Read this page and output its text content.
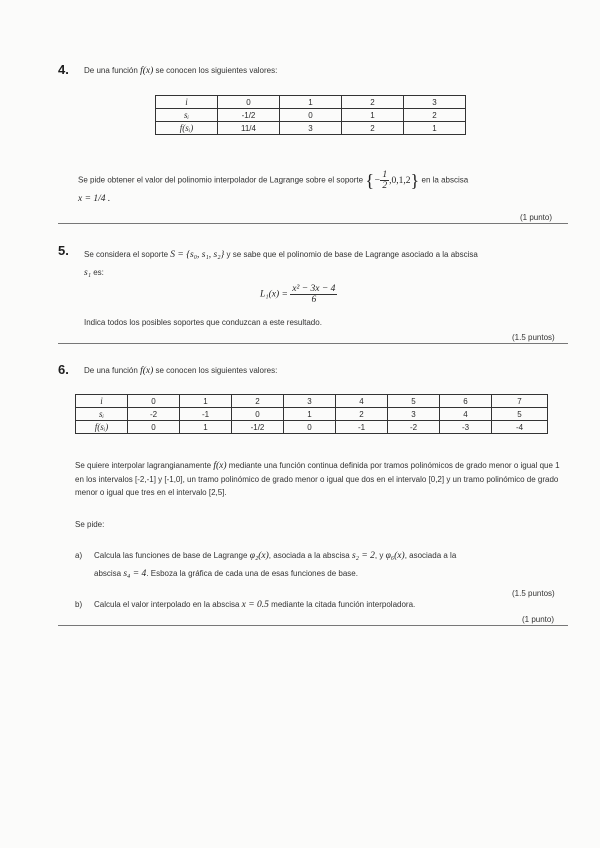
4. De una función f(x) se conocen los siguientes valores:
i	0	1	2	3
sᵢ	-1/2	0	1	2
f(sᵢ)	11/4	3	2	1
Se pide obtener el valor del polinomio interpolador de Lagrange sobre el soporte {− $\frac{1}{2} ,0,1,2$} en la abscisa
x = 1/4 .
(1 punto)
5. Se considera el soporte S = {s₀, s₁, s₂} y se sabe que el polinomio de base de Lagrange asociado a la abscisa
s₁ es:
$L_1(x) = \frac{\text{x² − 3x − 4}}{6}$
Indica todos los posibles soportes que conduzcan a este resultado.
(1.5 puntos)
6. De una función f(x) se conocen los siguientes valores:
i	0	1	2	3	4	5	6	7
sᵢ	-2	-1	0	1	2	3	4	5
f(sᵢ)	0	1	-1/2	0	-1	-2	-3	-4
Se quiere interpolar lagrangianamente f(x) mediante una función continua definida por tramos polinómicos de grado menor o igual que 1 en los intervalos [-2,-1] y [-1,0], un tramo polinómico de grado menor o igual que dos en el intervalo [0,2] y un tramo polinómico de grado menor o igual que tres en el intervalo [2,5].
Se pide:
a) Calcula las funciones de base de Lagrange φ₂(x), asociada a la abscisa s₂ = 2, y φ₆(x), asociada a la
abscisa s₄ = 4. Esboza la gráfica de cada una de esas funciones de base.
(1.5 puntos)
b) Calcula el valor interpolado en la abscisa x = 0.5 mediante la citada función interpoladora.
(1 punto)
